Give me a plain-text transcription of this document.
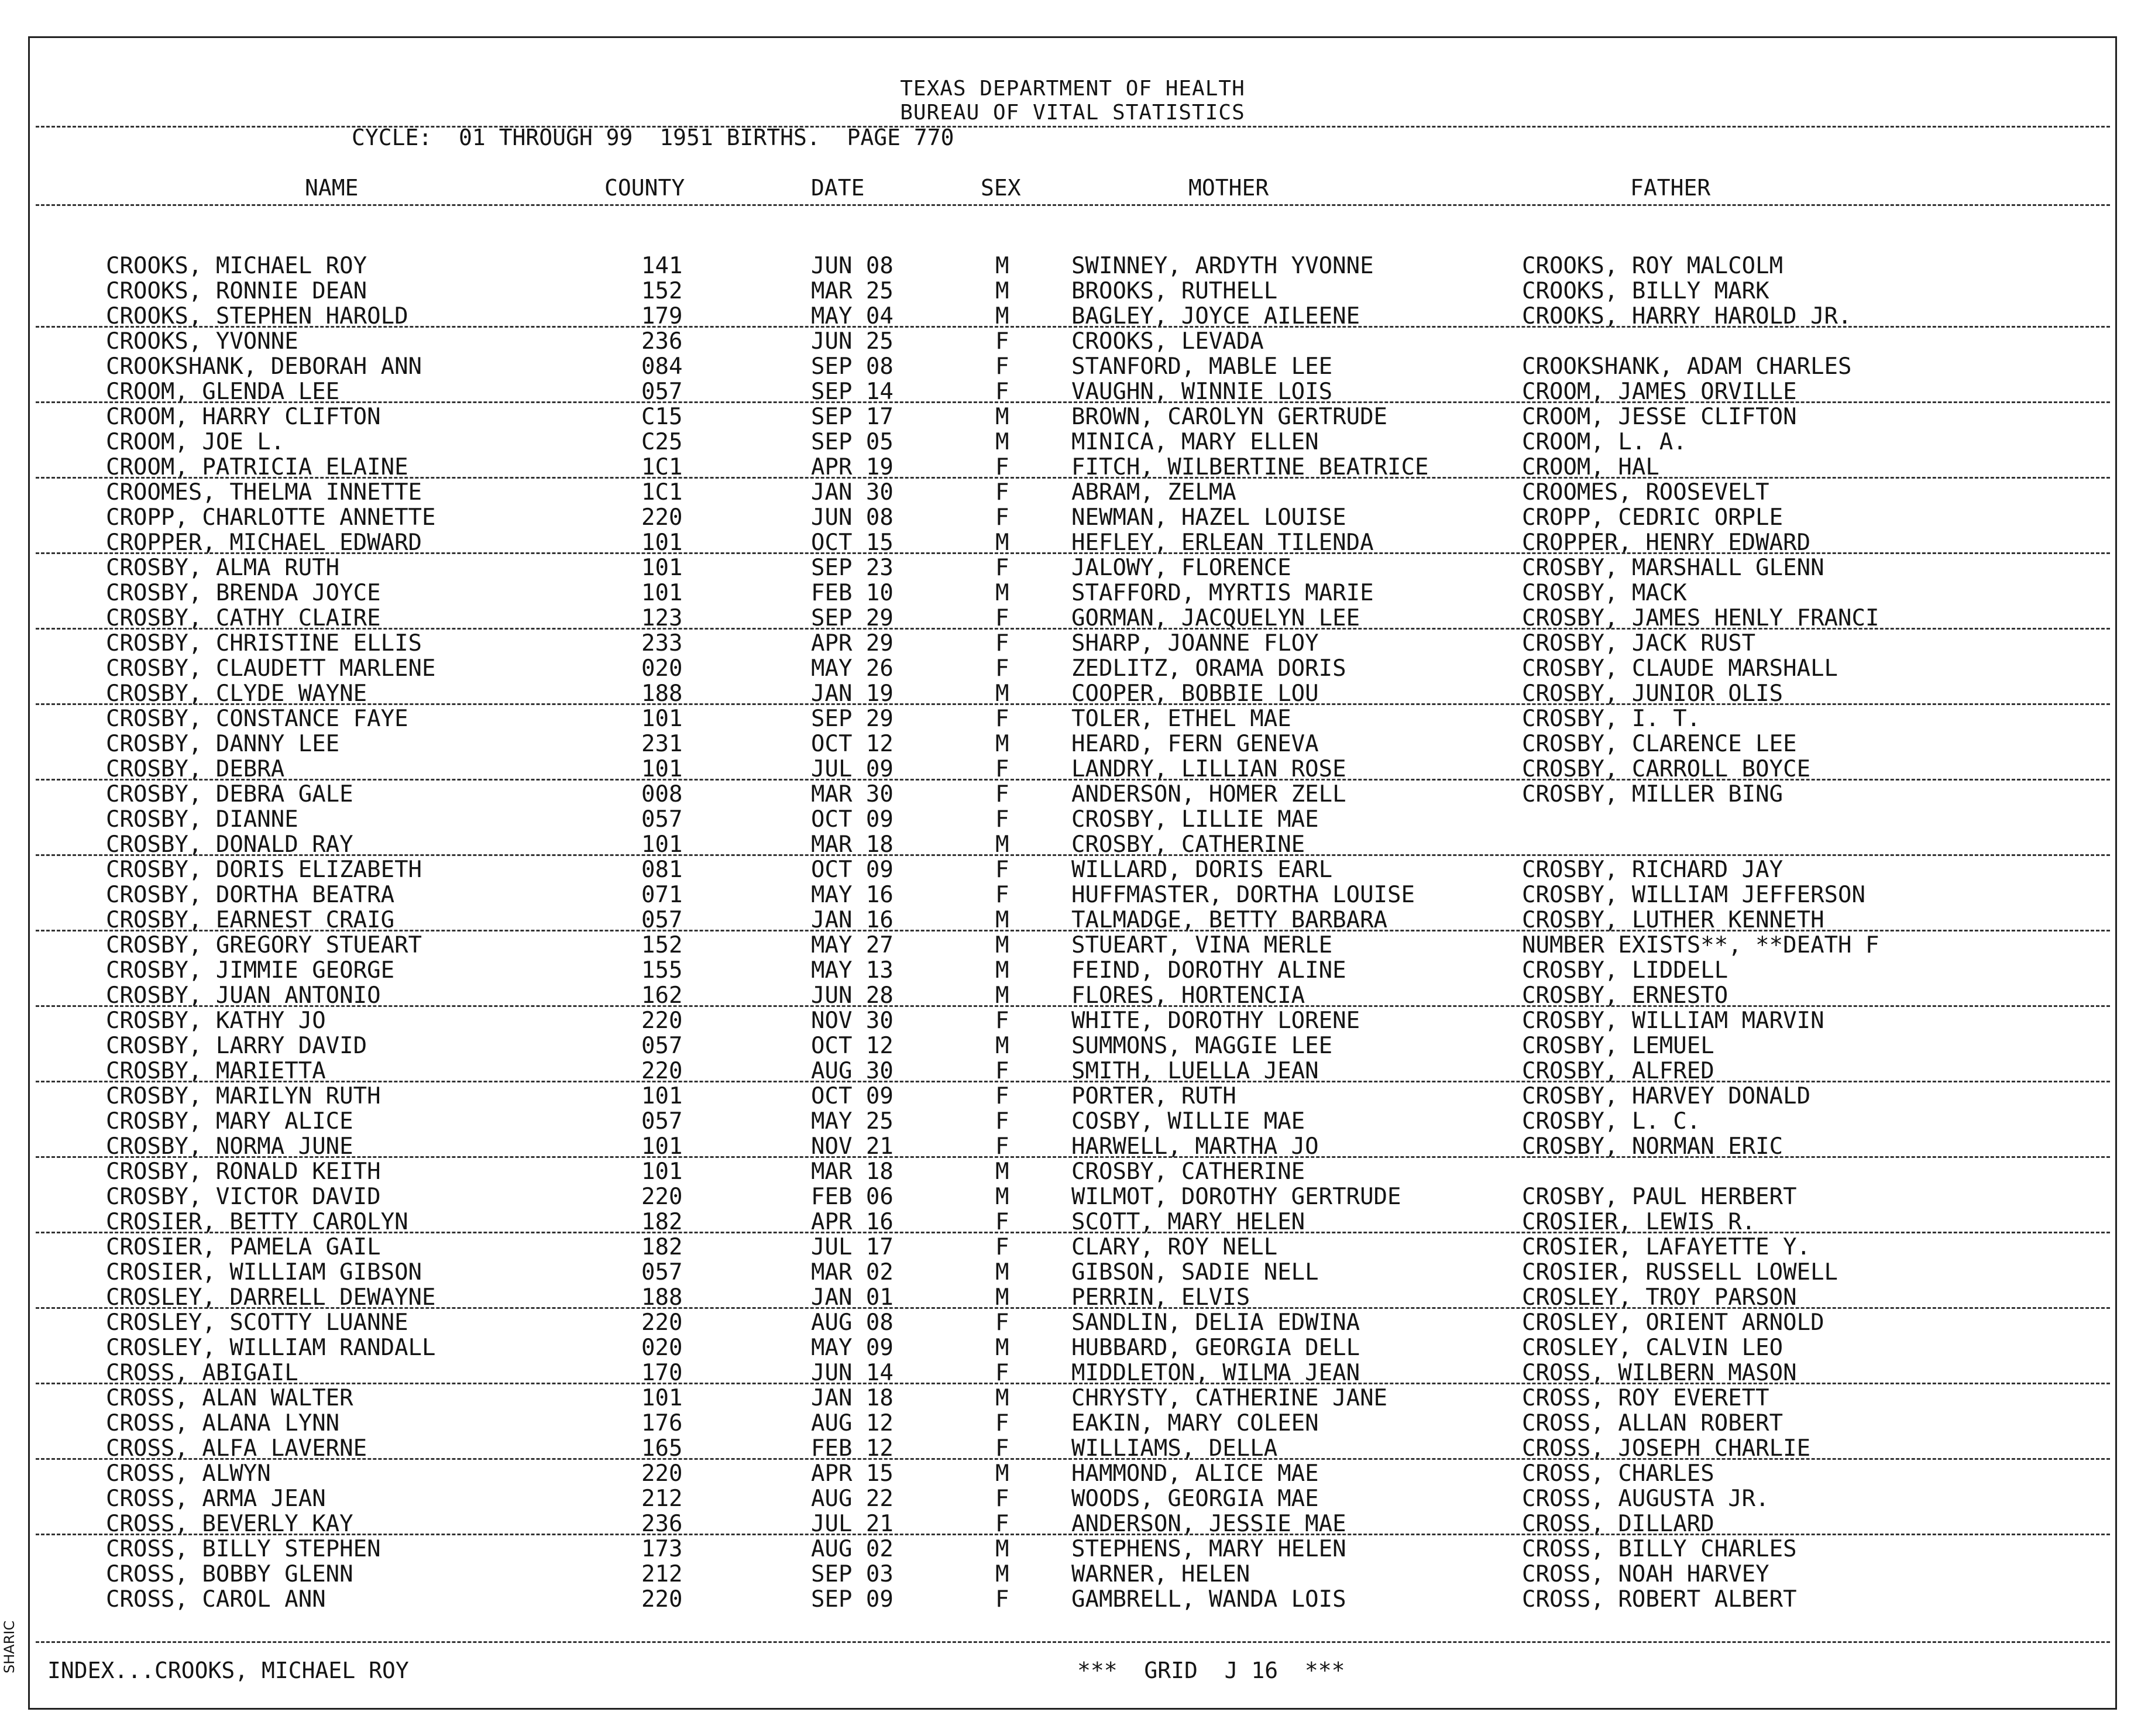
TEXAS DEPARTMENT OF HEALTH
BUREAU OF VITAL STATISTICS
CYCLE:  01 THROUGH 99  1951 BIRTHS.  PAGE 770
NAME	COUNTY	DATE	SEX	MOTHER	FATHER
CROOKS, MICHAEL ROY	141	JUN 08	M	SWINNEY, ARDYTH YVONNE	CROOKS, ROY MALCOLM
CROOKS, RONNIE DEAN	152	MAR 25	M	BROOKS, RUTHELL	CROOKS, BILLY MARK
CROOKS, STEPHEN HAROLD	179	MAY 04	M	BAGLEY, JOYCE AILEENE	CROOKS, HARRY HAROLD JR.
CROOKS, YVONNE	236	JUN 25	F	CROOKS, LEVADA
CROOKSHANK, DEBORAH ANN	084	SEP 08	F	STANFORD, MABLE LEE	CROOKSHANK, ADAM CHARLES
CROOM, GLENDA LEE	057	SEP 14	F	VAUGHN, WINNIE LOIS	CROOM, JAMES ORVILLE
CROOM, HARRY CLIFTON	C15	SEP 17	M	BROWN, CAROLYN GERTRUDE	CROOM, JESSE CLIFTON
CROOM, JOE L.	C25	SEP 05	M	MINICA, MARY ELLEN	CROOM, L. A.
CROOM, PATRICIA ELAINE	1C1	APR 19	F	FITCH, WILBERTINE BEATRICE	CROOM, HAL
CROOMES, THELMA INNETTE	1C1	JAN 30	F	ABRAM, ZELMA	CROOMES, ROOSEVELT
CROPP, CHARLOTTE ANNETTE	220	JUN 08	F	NEWMAN, HAZEL LOUISE	CROPP, CEDRIC ORPLE
CROPPER, MICHAEL EDWARD	101	OCT 15	M	HEFLEY, ERLEAN TILENDA	CROPPER, HENRY EDWARD
CROSBY, ALMA RUTH	101	SEP 23	F	JALOWY, FLORENCE	CROSBY, MARSHALL GLENN
CROSBY, BRENDA JOYCE	101	FEB 10	M	STAFFORD, MYRTIS MARIE	CROSBY, MACK
CROSBY, CATHY CLAIRE	123	SEP 29	F	GORMAN, JACQUELYN LEE	CROSBY, JAMES HENLY FRANCI
CROSBY, CHRISTINE ELLIS	233	APR 29	F	SHARP, JOANNE FLOY	CROSBY, JACK RUST
CROSBY, CLAUDETT MARLENE	020	MAY 26	F	ZEDLITZ, ORAMA DORIS	CROSBY, CLAUDE MARSHALL
CROSBY, CLYDE WAYNE	188	JAN 19	M	COOPER, BOBBIE LOU	CROSBY, JUNIOR OLIS
CROSBY, CONSTANCE FAYE	101	SEP 29	F	TOLER, ETHEL MAE	CROSBY, I. T.
CROSBY, DANNY LEE	231	OCT 12	M	HEARD, FERN GENEVA	CROSBY, CLARENCE LEE
CROSBY, DEBRA	101	JUL 09	F	LANDRY, LILLIAN ROSE	CROSBY, CARROLL BOYCE
CROSBY, DEBRA GALE	008	MAR 30	F	ANDERSON, HOMER ZELL	CROSBY, MILLER BING
CROSBY, DIANNE	057	OCT 09	F	CROSBY, LILLIE MAE
CROSBY, DONALD RAY	101	MAR 18	M	CROSBY, CATHERINE
CROSBY, DORIS ELIZABETH	081	OCT 09	F	WILLARD, DORIS EARL	CROSBY, RICHARD JAY
CROSBY, DORTHA BEATRA	071	MAY 16	F	HUFFMASTER, DORTHA LOUISE	CROSBY, WILLIAM JEFFERSON
CROSBY, EARNEST CRAIG	057	JAN 16	M	TALMADGE, BETTY BARBARA	CROSBY, LUTHER KENNETH
CROSBY, GREGORY STUEART	152	MAY 27	M	STUEART, VINA MERLE	NUMBER EXISTS**, **DEATH F
CROSBY, JIMMIE GEORGE	155	MAY 13	M	FEIND, DOROTHY ALINE	CROSBY, LIDDELL
CROSBY, JUAN ANTONIO	162	JUN 28	M	FLORES, HORTENCIA	CROSBY, ERNESTO
CROSBY, KATHY JO	220	NOV 30	F	WHITE, DOROTHY LORENE	CROSBY, WILLIAM MARVIN
CROSBY, LARRY DAVID	057	OCT 12	M	SUMMONS, MAGGIE LEE	CROSBY, LEMUEL
CROSBY, MARIETTA	220	AUG 30	F	SMITH, LUELLA JEAN	CROSBY, ALFRED
CROSBY, MARILYN RUTH	101	OCT 09	F	PORTER, RUTH	CROSBY, HARVEY DONALD
CROSBY, MARY ALICE	057	MAY 25	F	COSBY, WILLIE MAE	CROSBY, L. C.
CROSBY, NORMA JUNE	101	NOV 21	F	HARWELL, MARTHA JO	CROSBY, NORMAN ERIC
CROSBY, RONALD KEITH	101	MAR 18	M	CROSBY, CATHERINE
CROSBY, VICTOR DAVID	220	FEB 06	M	WILMOT, DOROTHY GERTRUDE	CROSBY, PAUL HERBERT
CROSIER, BETTY CAROLYN	182	APR 16	F	SCOTT, MARY HELEN	CROSIER, LEWIS R.
CROSIER, PAMELA GAIL	182	JUL 17	F	CLARY, ROY NELL	CROSIER, LAFAYETTE Y.
CROSIER, WILLIAM GIBSON	057	MAR 02	M	GIBSON, SADIE NELL	CROSIER, RUSSELL LOWELL
CROSLEY, DARRELL DEWAYNE	188	JAN 01	M	PERRIN, ELVIS	CROSLEY, TROY PARSON
CROSLEY, SCOTTY LUANNE	220	AUG 08	F	SANDLIN, DELIA EDWINA	CROSLEY, ORIENT ARNOLD
CROSLEY, WILLIAM RANDALL	020	MAY 09	M	HUBBARD, GEORGIA DELL	CROSLEY, CALVIN LEO
CROSS, ABIGAIL	170	JUN 14	F	MIDDLETON, WILMA JEAN	CROSS, WILBERN MASON
CROSS, ALAN WALTER	101	JAN 18	M	CHRYSTY, CATHERINE JANE	CROSS, ROY EVERETT
CROSS, ALANA LYNN	176	AUG 12	F	EAKIN, MARY COLEEN	CROSS, ALLAN ROBERT
CROSS, ALFA LAVERNE	165	FEB 12	F	WILLIAMS, DELLA	CROSS, JOSEPH CHARLIE
CROSS, ALWYN	220	APR 15	M	HAMMOND, ALICE MAE	CROSS, CHARLES
CROSS, ARMA JEAN	212	AUG 22	F	WOODS, GEORGIA MAE	CROSS, AUGUSTA JR.
CROSS, BEVERLY KAY	236	JUL 21	F	ANDERSON, JESSIE MAE	CROSS, DILLARD
CROSS, BILLY STEPHEN	173	AUG 02	M	STEPHENS, MARY HELEN	CROSS, BILLY CHARLES
CROSS, BOBBY GLENN	212	SEP 03	M	WARNER, HELEN	CROSS, NOAH HARVEY
CROSS, CAROL ANN	220	SEP 09	F	GAMBRELL, WANDA LOIS	CROSS, ROBERT ALBERT
INDEX...CROOKS, MICHAEL ROY	***  GRID  J 16  ***
SHARIC
